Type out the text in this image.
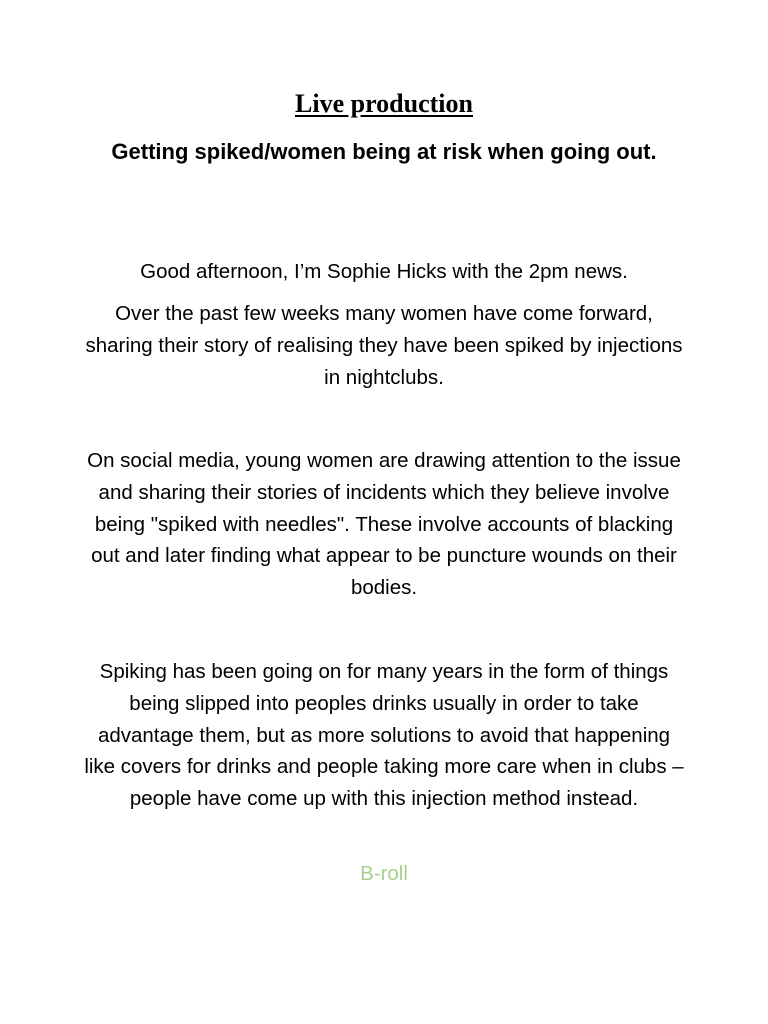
Live production
Getting spiked/women being at risk when going out.

Good afternoon, I’m Sophie Hicks with the 2pm news.

Over the past few weeks many women have come forward, sharing their story of realising they have been spiked by injections in nightclubs.

On social media, young women are drawing attention to the issue and sharing their stories of incidents which they believe involve being "spiked with needles". These involve accounts of blacking out and later finding what appear to be puncture wounds on their bodies.

Spiking has been going on for many years in the form of things being slipped into peoples drinks usually in order to take advantage them, but as more solutions to avoid that happening like covers for drinks and people taking more care when in clubs – people have come up with this injection method instead.

B-roll
